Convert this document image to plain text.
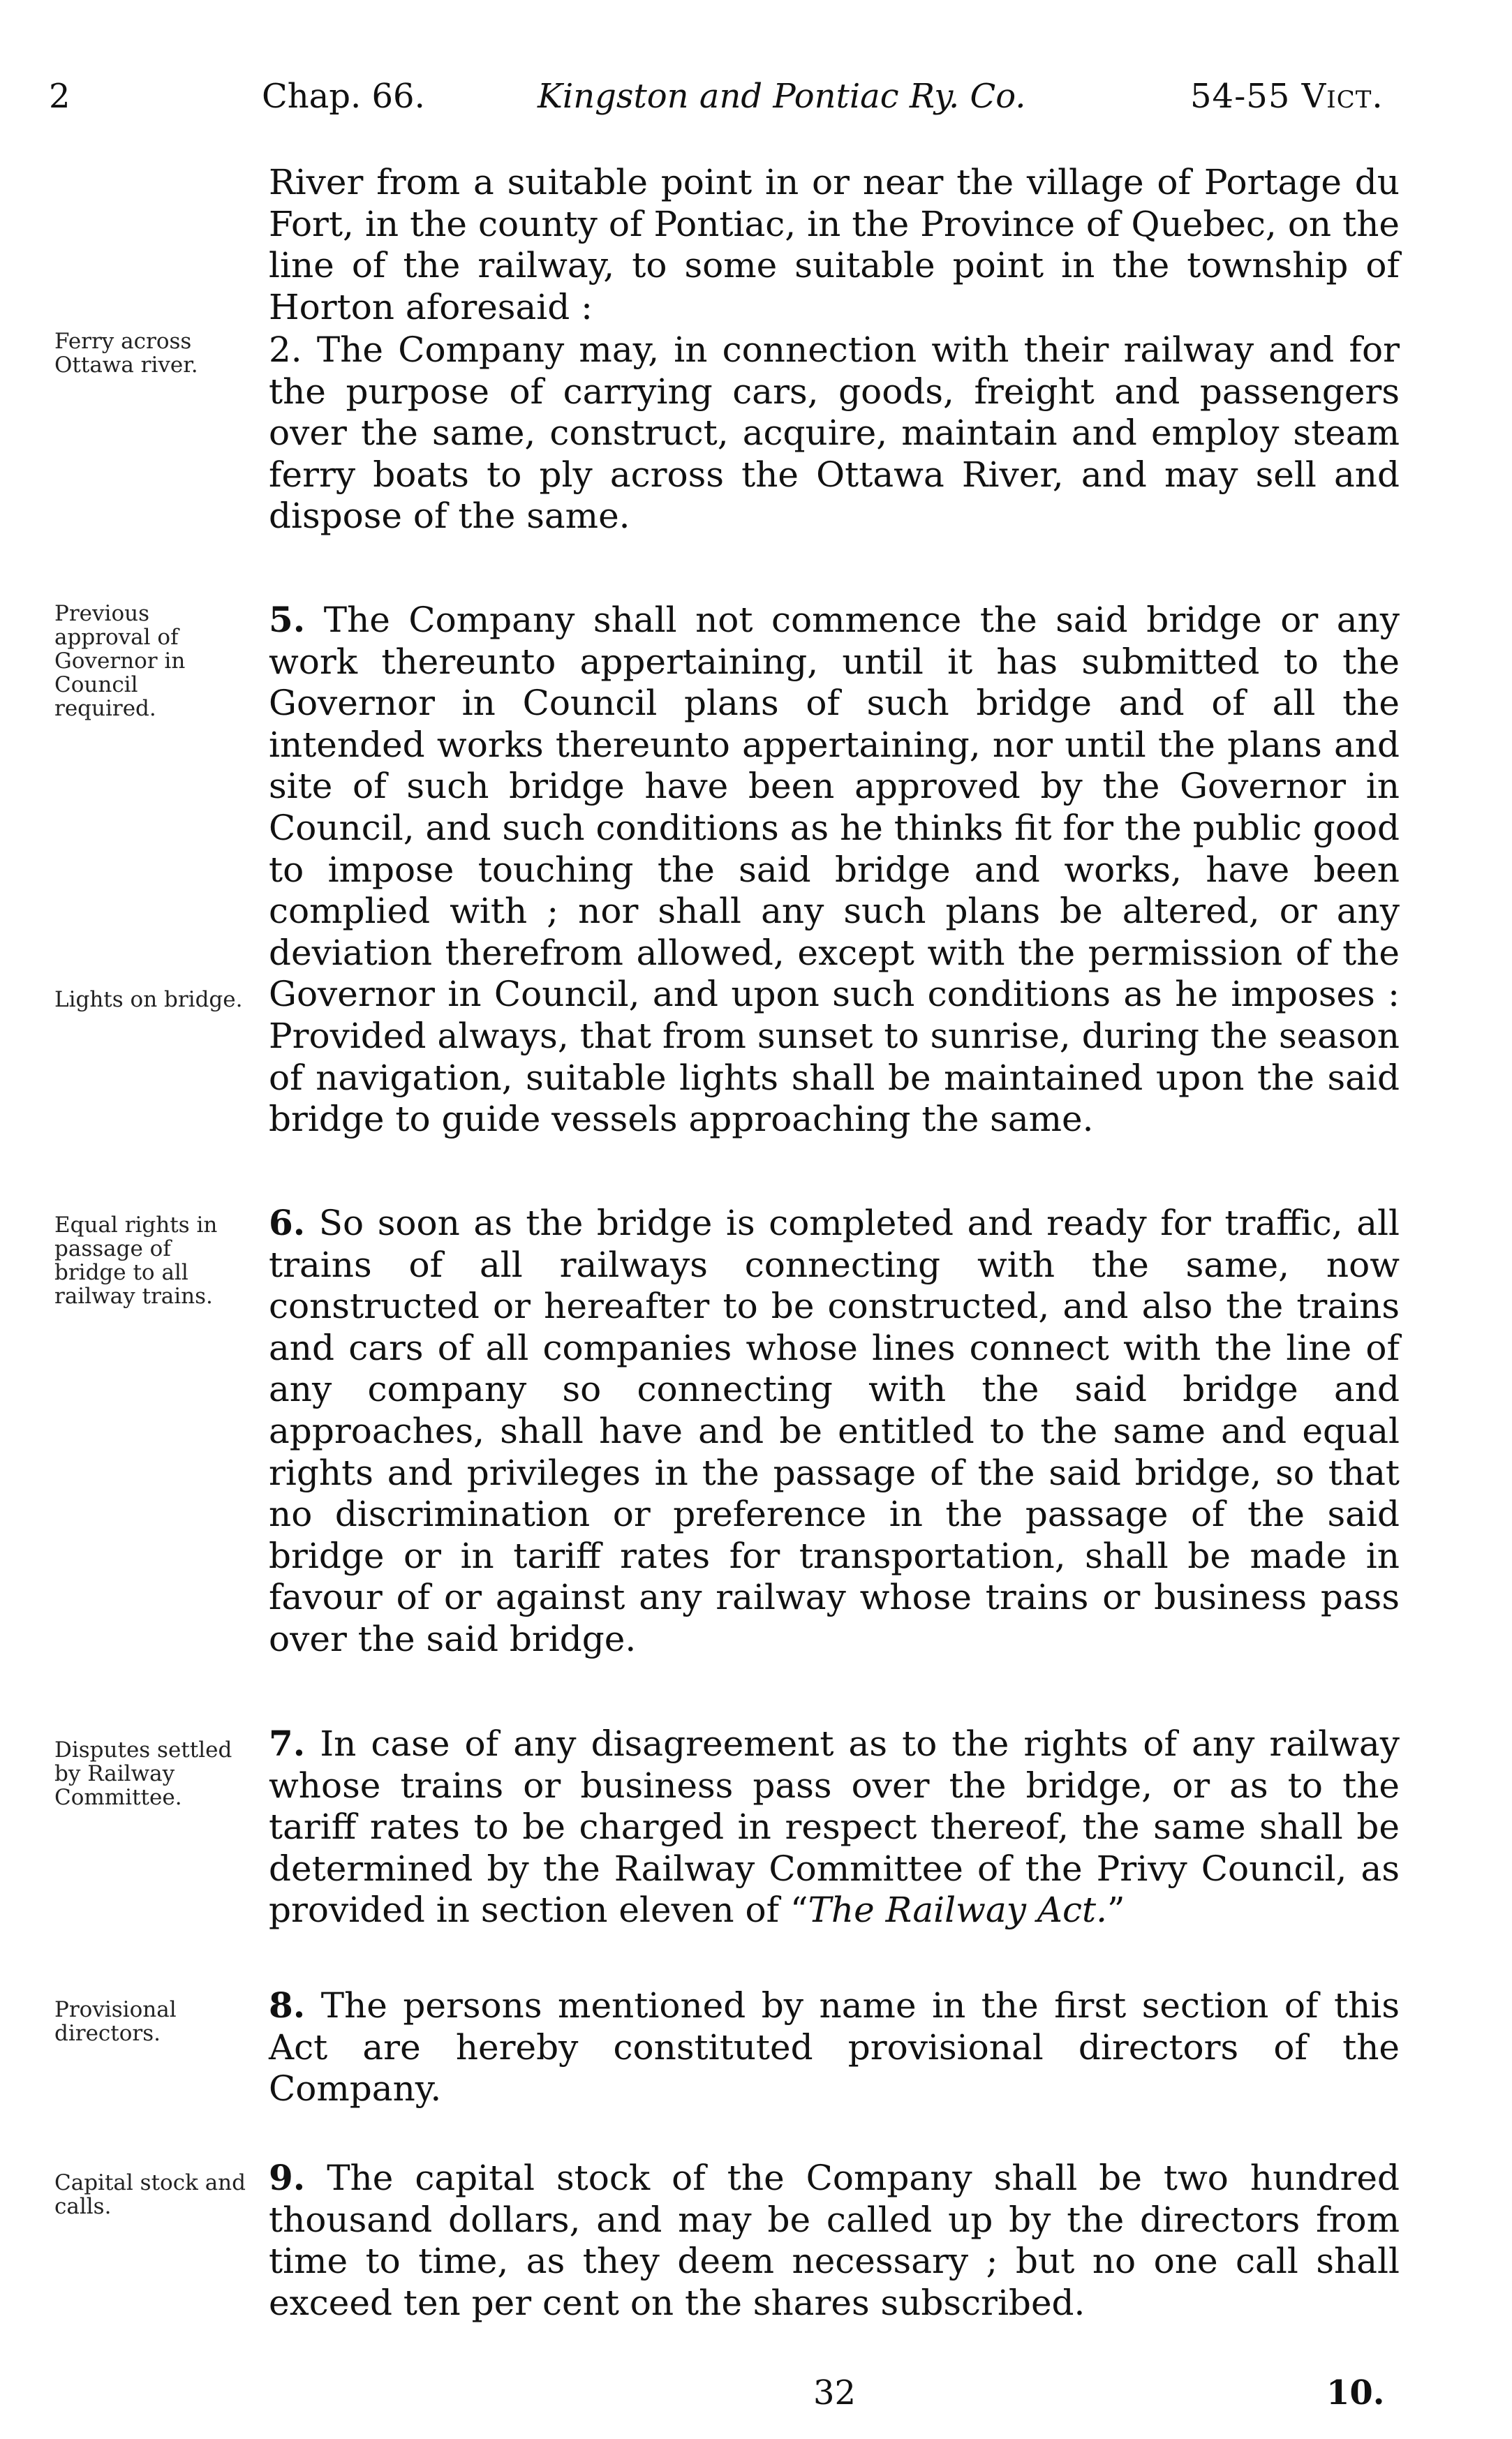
2	Chap. 66.	Kingston and Pontiac Ry. Co.	54-55 Vict.

River from a suitable point in or near the village of Portage du Fort, in the county of Pontiac, in the Province of Quebec, on the line of the railway, to some suitable point in the township of Horton aforesaid :

Ferry across Ottawa river.	2. The Company may, in connection with their railway and for the purpose of carrying cars, goods, freight and passengers over the same, construct, acquire, maintain and employ steam ferry boats to ply across the Ottawa River, and may sell and dispose of the same.

Previous approval of Governor in Council required.
Lights on bridge.

5. The Company shall not commence the said bridge or any work thereunto appertaining, until it has submitted to the Governor in Council plans of such bridge and of all the intended works thereunto appertaining, nor until the plans and site of such bridge have been approved by the Governor in Council, and such conditions as he thinks fit for the public good to impose touching the said bridge and works, have been complied with ; nor shall any such plans be altered, or any deviation therefrom allowed, except with the permission of the Governor in Council, and upon such conditions as he imposes : Provided always, that from sunset to sunrise, during the season of navigation, suitable lights shall be maintained upon the said bridge to guide vessels approaching the same.

Equal rights in passage of bridge to all railway trains.

6. So soon as the bridge is completed and ready for traffic, all trains of all railways connecting with the same, now constructed or hereafter to be constructed, and also the trains and cars of all companies whose lines connect with the line of any company so connecting with the said bridge and approaches, shall have and be entitled to the same and equal rights and privileges in the passage of the said bridge, so that no discrimination or preference in the passage of the said bridge or in tariff rates for transportation, shall be made in favour of or against any railway whose trains or business pass over the said bridge.

Disputes settled by Railway Committee.

7. In case of any disagreement as to the rights of any railway whose trains or business pass over the bridge, or as to the tariff rates to be charged in respect thereof, the same shall be determined by the Railway Committee of the Privy Council, as provided in section eleven of “The Railway Act.”

Provisional directors.

8. The persons mentioned by name in the first section of this Act are hereby constituted provisional directors of the Company.

Capital stock and calls.

9. The capital stock of the Company shall be two hundred thousand dollars, and may be called up by the directors from time to time, as they deem necessary ; but no one call shall exceed ten per cent on the shares subscribed.

32	10.
